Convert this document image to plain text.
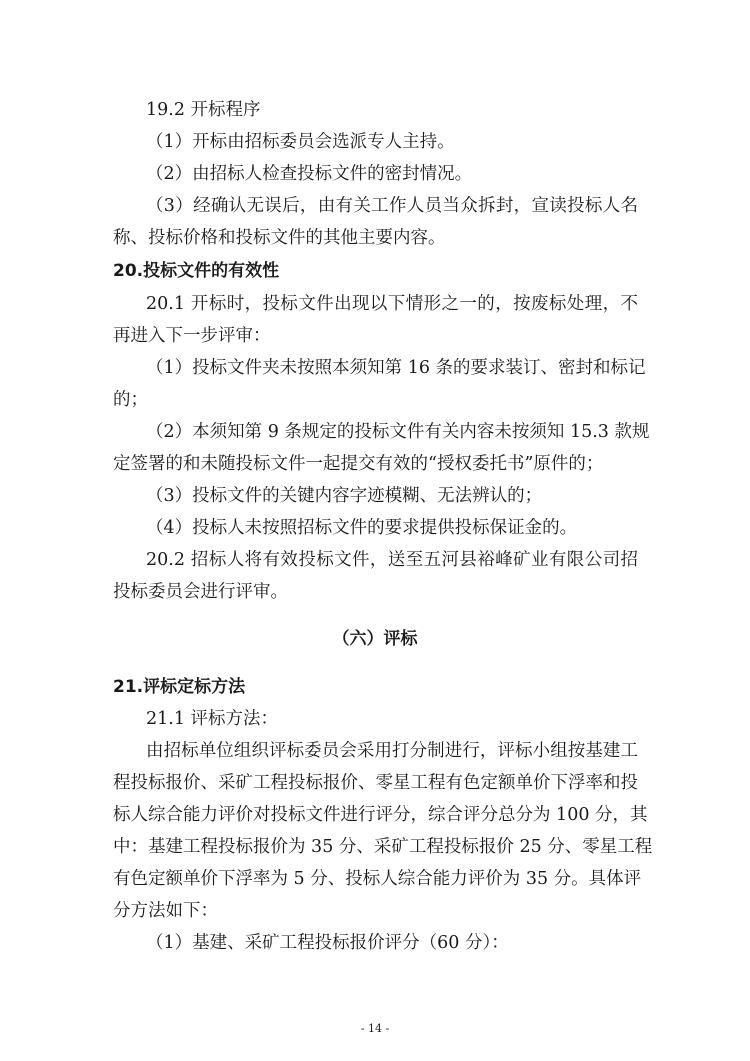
19.2 开标程序
（1）开标由招标委员会选派专人主持。
（2）由招标人检查投标文件的密封情况。
（3）经确认无误后，由有关工作人员当众拆封，宣读投标人名
称、投标价格和投标文件的其他主要内容。
20.投标文件的有效性
20.1 开标时，投标文件出现以下情形之一的，按废标处理，不
再进入下一步评审：
（1）投标文件夹未按照本须知第 16 条的要求装订、密封和标记
的；
（2）本须知第 9 条规定的投标文件有关内容未按须知 15.3 款规
定签署的和未随投标文件一起提交有效的“授权委托书”原件的；
（3）投标文件的关键内容字迹模糊、无法辨认的；
（4）投标人未按照招标文件的要求提供投标保证金的。
20.2 招标人将有效投标文件，送至五河县裕峰矿业有限公司招
投标委员会进行评审。
（六）评标
21.评标定标方法
21.1 评标方法：
由招标单位组织评标委员会采用打分制进行，评标小组按基建工
程投标报价、采矿工程投标报价、零星工程有色定额单价下浮率和投
标人综合能力评价对投标文件进行评分，综合评分总分为 100 分，其
中：基建工程投标报价为 35 分、采矿工程投标报价 25 分、零星工程
有色定额单价下浮率为 5 分、投标人综合能力评价为 35 分。具体评
分方法如下：
（1）基建、采矿工程投标报价评分（60 分）：
- 14 -
